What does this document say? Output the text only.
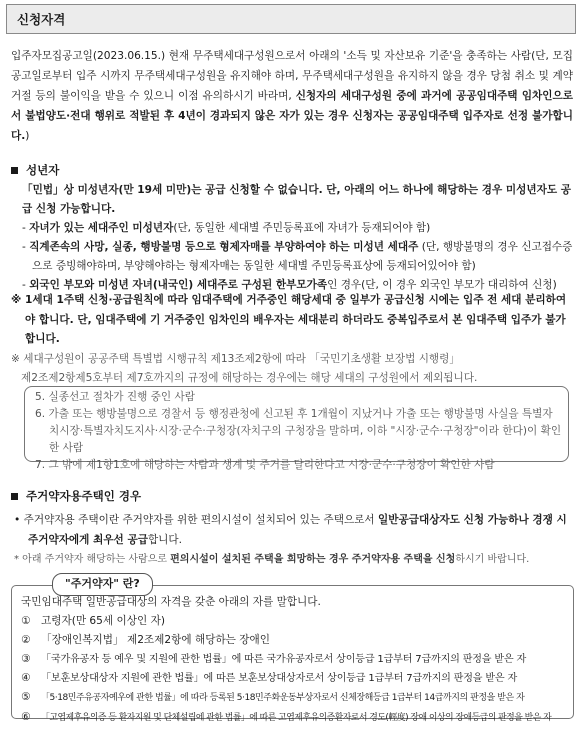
신청자격
입주자모집공고일(2023.06.15.) 현재 무주택세대구성원으로서 아래의 '소득 및 자산보유 기준'을 충족하는 사람(단, 모집공고일로부터 입주 시까지 무주택세대구성원을 유지해야 하며, 무주택세대구성원을 유지하지 않을 경우 당첨 취소 및 계약거절 등의 불이익을 받을 수 있으니 이점 유의하시기 바라며, 신청자의 세대구성원 중에 과거에 공공임대주택 임차인으로서 불법양도·전대 행위로 적발된 후 4년이 경과되지 않은 자가 있는 경우 신청자는 공공임대주택 입주자로 선정 불가합니다.)
성년자

「민법」상 미성년자(만 19세 미만)는 공급 신청할 수 없습니다. 단, 아래의 어느 하나에 해당하는 경우 미성년자도 공급 신청 가능합니다.

- 자녀가 있는 세대주인 미성년자(단, 동일한 세대별 주민등록표에 자녀가 등재되어야 함)

- 직계존속의 사망, 실종, 행방불명 등으로 형제자매를 부양하여야 하는 미성년 세대주 (단, 행방불명의 경우 신고접수증으로 증빙해야하며, 부양해야하는 형제자매는 동일한 세대별 주민등록표상에 등재되어있어야 함)

- 외국인 부모와 미성년 자녀(내국인) 세대주로 구성된 한부모가족인 경우(단, 이 경우 외국인 부모가 대리하여 신청)

※ 1세대 1주택 신청·공급원칙에 따라 임대주택에 거주중인 해당세대 중 일부가 공급신청 시에는 입주 전 세대 분리하여야 합니다. 단, 임대주택에 기 거주중인 임차인의 배우자는 세대분리 하더라도 중복입주로서 본 임대주택 입주가 불가합니다.

※ 세대구성원이 공공주택 특별법 시행규칙 제13조제2항에 따라 「국민기초생활 보장법 시행령」

제2조제2항제5호부터 제7호까지의 규정에 해당하는 경우에는 해당 세대의 구성원에서 제외됩니다.

5. 실종선고 절차가 진행 중인 사람

6. 가출 또는 행방불명으로 경찰서 등 행정관청에 신고된 후 1개월이 지났거나 가출 또는 행방불명 사실을 특별자치시장·특별자치도지사·시장·군수·구청장(자치구의 구청장을 말하며, 이하 "시장·군수·구청장"이라 한다)이 확인한 사람

7. 그 밖에 제1항1호에 해당하는 사람과 생계 및 주거를 달리한다고 시장·군수·구청장이 확인한 사람

주거약자용주택인 경우

• 주거약자용 주택이란 주거약자를 위한 편의시설이 설치되어 있는 주택으로서 일반공급대상자도 신청 가능하나 경쟁 시 주거약자에게 최우선 공급합니다.

* 아래 주거약자 해당하는 사람으로 편의시설이 설치된 주택을 희망하는 경우 주거약자용 주택을 신청하시기 바랍니다.

국민임대주택 일반공급대상의 자격을 갖춘 아래의 자를 말합니다.

① 고령자(만 65세 이상인 자)

② 「장애인복지법」 제2조제2항에 해당하는 장애인

③ 「국가유공자 등 예우 및 지원에 관한 법률」에 따른 국가유공자로서 상이등급 1급부터 7급까지의 판정을 받은 자

④ 「보훈보상대상자 지원에 관한 법률」에 따른 보훈보상대상자로서 상이등급 1급부터 7급까지의 판정을 받은 자

⑤ 「5·18민주유공자예우에 관한 법률」에 따라 등록된 5·18민주화운동부상자로서 신체장해등급 1급부터 14급까지의 판정을 받은 자

⑥ 「고엽제후유의증 등 환자지원 및 단체설립에 관한 법률」에 따른 고엽제후유의증환자로서 경도(輕度) 장애 이상의 장애등급의 판정을 받은 자

"주거약자" 란?
